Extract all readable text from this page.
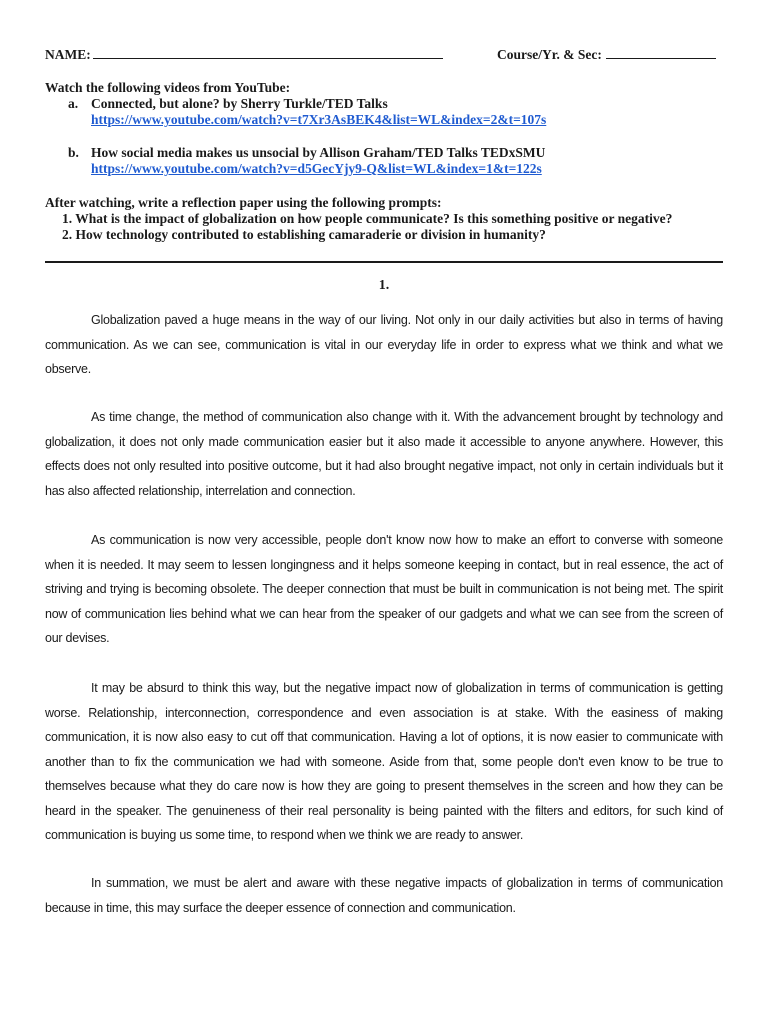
NAME:	Course/Yr. & Sec:
Watch the following videos from YouTube:
a. Connected, but alone? by Sherry Turkle/TED Talks
https://www.youtube.com/watch?v=t7Xr3AsBEK4&list=WL&index=2&t=107s
b. How social media makes us unsocial by Allison Graham/TED Talks TEDxSMU
https://www.youtube.com/watch?v=d5GecYjy9-Q&list=WL&index=1&t=122s
After watching, write a reflection paper using the following prompts:
1. What is the impact of globalization on how people communicate? Is this something positive or negative?
2. How technology contributed to establishing camaraderie or division in humanity?
1.

Globalization paved a huge means in the way of our living. Not only in our daily activities but also in terms of having communication. As we can see, communication is vital in our everyday life in order to express what we think and what we observe.

As time change, the method of communication also change with it. With the advancement brought by technology and globalization, it does not only made communication easier but it also made it accessible to anyone anywhere. However, this effects does not only resulted into positive outcome, but it had also brought negative impact, not only in certain individuals but it has also affected relationship, interrelation and connection.

As communication is now very accessible, people don't know now how to make an effort to converse with someone when it is needed. It may seem to lessen longingness and it helps someone keeping in contact, but in real essence, the act of striving and trying is becoming obsolete. The deeper connection that must be built in communication is not being met. The spirit now of communication lies behind what we can hear from the speaker of our gadgets and what we can see from the screen of our devises.

It may be absurd to think this way, but the negative impact now of globalization in terms of communication is getting worse. Relationship, interconnection, correspondence and even association is at stake. With the easiness of making communication, it is now also easy to cut off that communication. Having a lot of options, it is now easier to communicate with another than to fix the communication we had with someone. Aside from that, some people don't even know to be true to themselves because what they do care now is how they are going to present themselves in the screen and how they can be heard in the speaker. The genuineness of their real personality is being painted with the filters and editors, for such kind of communication is buying us some time, to respond when we think we are ready to answer.

In summation, we must be alert and aware with these negative impacts of globalization in terms of communication because in time, this may surface the deeper essence of connection and communication.
